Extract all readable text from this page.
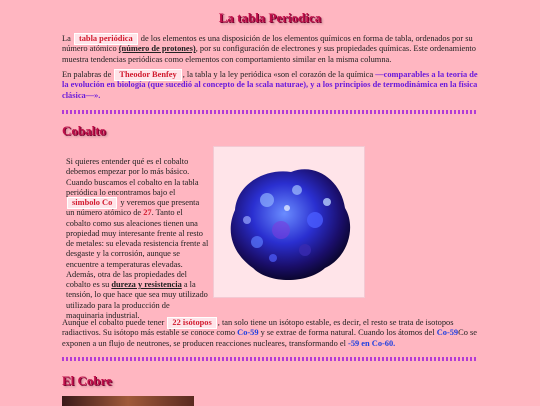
La tabla Periodica

La tabla periódica de los elementos es una disposición de los elementos químicos en forma de tabla, ordenados por su número atómico (número de protones), por su configuración de electrones y sus propiedades químicas. Este ordenamiento muestra tendencias periódicas como elementos con comportamiento similar en la misma columna.

En palabras de Theodor Benfey , la tabla y la ley periódica «son el corazón de la química —comparables a la teoría de la evolución en biología (que sucedió al concepto de la scala naturae), y a los principios de termodinámica en la física clásica—».

Cobalto
Si quieres entender qué es el cobalto debemos empezar por lo más básico. Cuando buscamos el cobalto en la tabla periódica lo encontramos bajo el simbolo Co y veremos que presenta un número atómico de 27. Tanto el cobalto como sus aleaciones tienen una propiedad muy interesante frente al resto de metales: su elevada resistencia frente al desgaste y la corrosión, aunque se encuentre a temperaturas elevadas. Además, otra de las propiedades del cobalto es su dureza y resistencia a la tensión, lo que hace que sea muy utilizado utilizado para la producción de maquinaria industrial.

Aunque el cobalto puede tener 22 isótopos , tan solo tiene un isótopo estable, es decir, el resto se trata de isotopos radiactivos. Su isótopo más estable se conoce como Co-59 y se extrae de forma natural. Cuando los átomos del Co-59Co se exponen a un flujo de neutrones, se producen reacciones nucleares, transformando el -59 en Co-60.

El Cobre
